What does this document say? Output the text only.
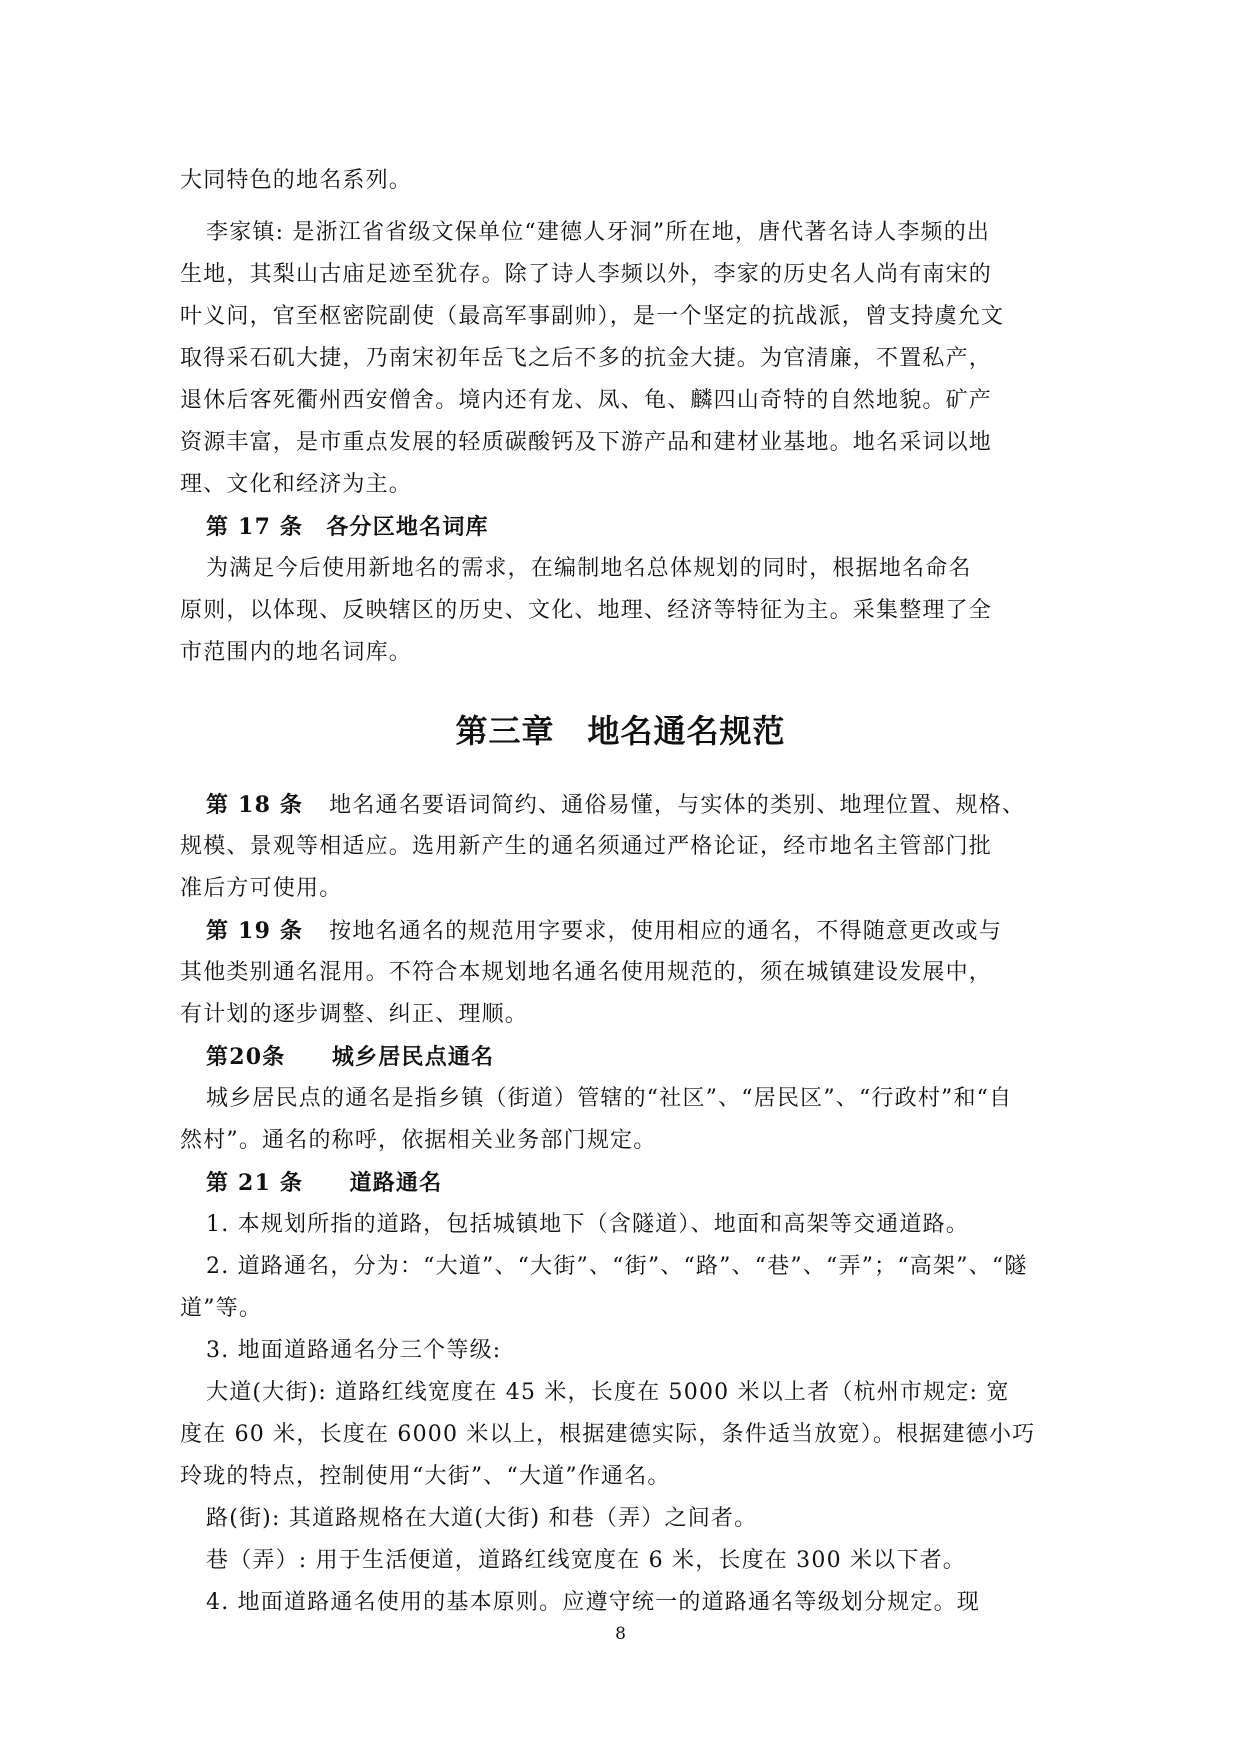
大同特色的地名系列。
李家镇: 是浙江省省级文保单位“建德人牙洞”所在地，唐代著名诗人李频的出
生地，其梨山古庙足迹至犹存。除了诗人李频以外，李家的历史名人尚有南宋的
叶义问，官至枢密院副使（最高军事副帅），是一个坚定的抗战派，曾支持虞允文
取得采石矶大捷，乃南宋初年岳飞之后不多的抗金大捷。为官清廉，不置私产，
退休后客死衢州西安僧舍。境内还有龙、凤、龟、麟四山奇特的自然地貌。矿产
资源丰富，是市重点发展的轻质碳酸钙及下游产品和建材业基地。地名采词以地
理、文化和经济为主。
第 17 条　各分区地名词库
为满足今后使用新地名的需求，在编制地名总体规划的同时，根据地名命名
原则，以体现、反映辖区的历史、文化、地理、经济等特征为主。采集整理了全
市范围内的地名词库。
第三章　地名通名规范
第 18 条 地名通名要语词简约、通俗易懂，与实体的类别、地理位置、规格、
规模、景观等相适应。选用新产生的通名须通过严格论证，经市地名主管部门批
准后方可使用。
第 19 条 按地名通名的规范用字要求，使用相应的通名，不得随意更改或与
其他类别通名混用。不符合本规划地名通名使用规范的，须在城镇建设发展中，
有计划的逐步调整、纠正、理顺。
第20条　　城乡居民点通名
城乡居民点的通名是指乡镇（街道）管辖的“社区”、“居民区”、“行政村”和“自
然村”。通名的称呼，依据相关业务部门规定。
第 21 条　　道路通名
1. 本规划所指的道路，包括城镇地下（含隧道）、地面和高架等交通道路。
2. 道路通名，分为：“大道”、“大街”、“街”、“路”、“巷”、“弄”；“高架”、“隧
道”等。
3. 地面道路通名分三个等级:
大道(大街): 道路红线宽度在 45 米，长度在 5000 米以上者（杭州市规定: 宽
度在 60 米，长度在 6000 米以上，根据建德实际，条件适当放宽）。根据建德小巧
玲珑的特点，控制使用“大街”、“大道”作通名。
路(街): 其道路规格在大道(大街) 和巷（弄）之间者。
巷（弄）: 用于生活便道，道路红线宽度在 6 米，长度在 300 米以下者。
4. 地面道路通名使用的基本原则。应遵守统一的道路通名等级划分规定。现
8
